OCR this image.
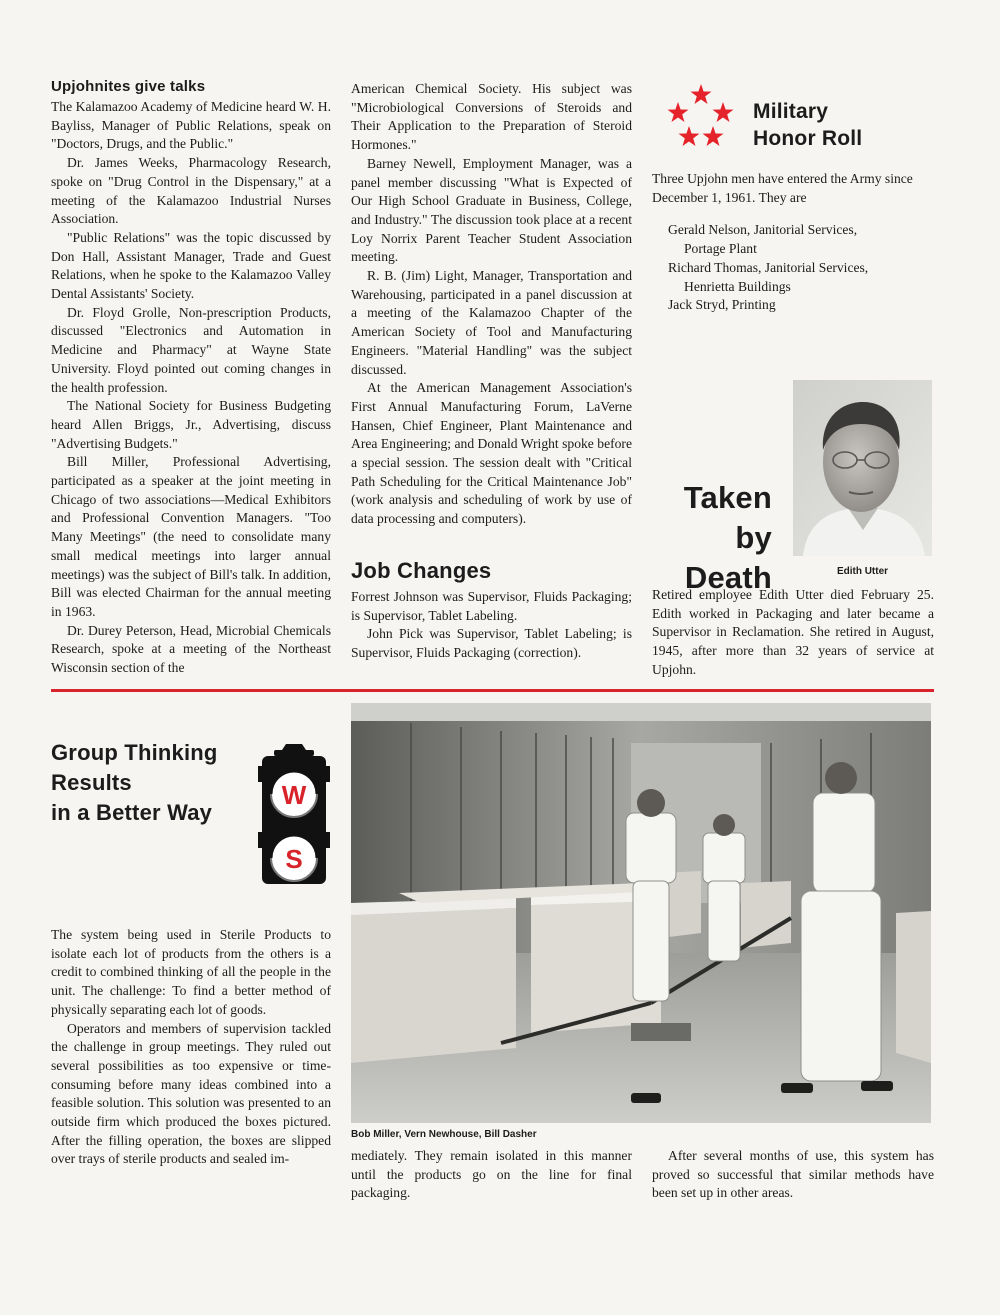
Upjohnites give talks

The Kalamazoo Academy of Medicine heard W. H. Bayliss, Manager of Public Relations, speak on "Doctors, Drugs, and the Public."

Dr. James Weeks, Pharmacology Research, spoke on "Drug Control in the Dispensary," at a meeting of the Kalamazoo Industrial Nurses Association.

"Public Relations" was the topic discussed by Don Hall, Assistant Manager, Trade and Guest Relations, when he spoke to the Kalamazoo Valley Dental Assistants' Society.

Dr. Floyd Grolle, Non-prescription Products, discussed "Electronics and Automation in Medicine and Pharmacy" at Wayne State University. Floyd pointed out coming changes in the health profession.

The National Society for Business Budgeting heard Allen Briggs, Jr., Advertising, discuss "Advertising Budgets."

Bill Miller, Professional Advertising, participated as a speaker at the joint meeting in Chicago of two associations—Medical Exhibitors and Professional Convention Managers. "Too Many Meetings" (the need to consolidate many small medical meetings into larger annual meetings) was the subject of Bill's talk. In addition, Bill was elected Chairman for the annual meeting in 1963.

Dr. Durey Peterson, Head, Microbial Chemicals Research, spoke at a meeting of the Northeast Wisconsin section of the

American Chemical Society. His subject was "Microbiological Conversions of Steroids and Their Application to the Preparation of Steroid Hormones."

Barney Newell, Employment Manager, was a panel member discussing "What is Expected of Our High School Graduate in Business, College, and Industry." The discussion took place at a recent Loy Norrix Parent Teacher Student Association meeting.

R. B. (Jim) Light, Manager, Transportation and Warehousing, participated in a panel discussion at a meeting of the Kalamazoo Chapter of the American Society of Tool and Manufacturing Engineers. "Material Handling" was the subject discussed.

At the American Management Association's First Annual Manufacturing Forum, LaVerne Hansen, Chief Engineer, Plant Maintenance and Area Engineering; and Donald Wright spoke before a special session. The session dealt with "Critical Path Scheduling for the Critical Maintenance Job" (work analysis and scheduling of work by use of data processing and computers).

Job Changes

Forrest Johnson was Supervisor, Fluids Packaging; is Supervisor, Tablet Labeling.

John Pick was Supervisor, Tablet Labeling; is Supervisor, Fluids Packaging (correction).

Military
Honor Roll

Three Upjohn men have entered the Army since December 1, 1961. They are

Gerald Nelson, Janitorial Services,
Portage Plant

Richard Thomas, Janitorial Services,
Henrietta Buildings

Jack Stryd, Printing

Taken
by Death	Edith Utter

Retired employee Edith Utter died February 25. Edith worked in Packaging and later became a Supervisor in Reclamation. She retired in August, 1945, after more than 32 years of service at Upjohn.

Group Thinking
Results
in a Better Way
W
S

The system being used in Sterile Products to isolate each lot of products from the others is a credit to combined thinking of all the people in the unit. The challenge: To find a better method of physically separating each lot of goods.

Operators and members of supervision tackled the challenge in group meetings. They ruled out several possibilities as too expensive or time-consuming before many ideas combined into a feasible solution. This solution was presented to an outside firm which produced the boxes pictured. After the filling operation, the boxes are slipped over trays of sterile products and sealed im-

Bob Miller, Vern Newhouse, Bill Dasher

mediately. They remain isolated in this manner until the products go on the line for final packaging.

After several months of use, this system has proved so successful that similar methods have been set up in other areas.
